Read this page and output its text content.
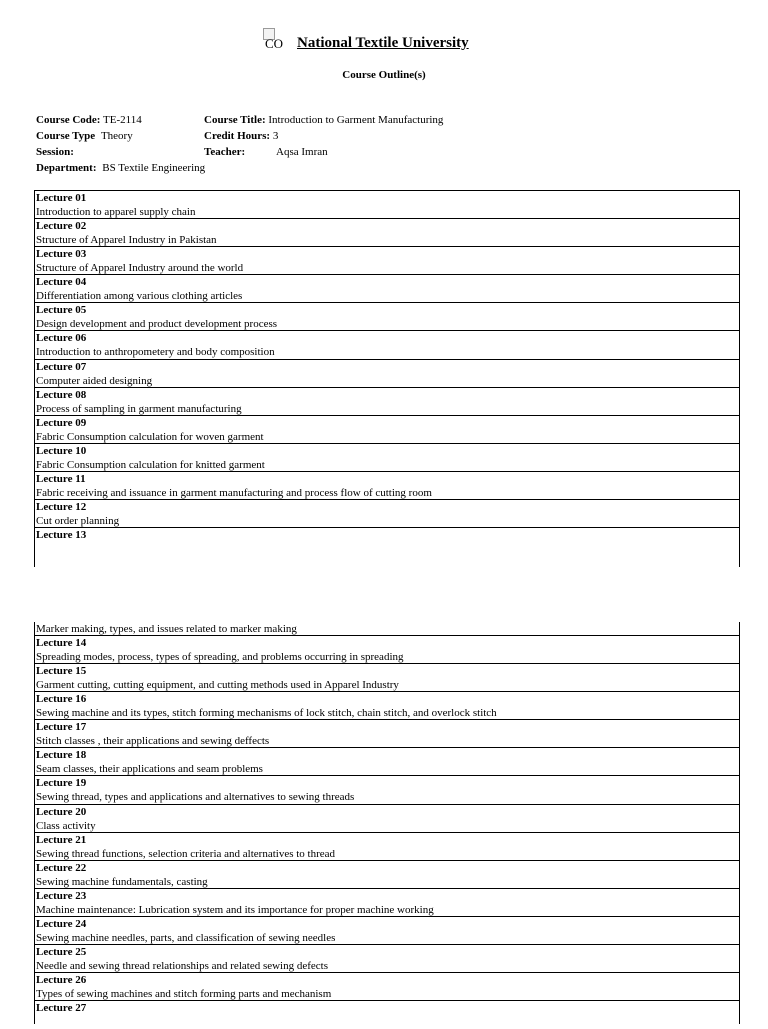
CO National Textile University
Course Outline(s)
Course Code: TE-2114	Course Title: Introduction to Garment Manufacturing
Course Type Theory	Credit Hours: 3
Session:	Teacher:	Aqsa Imran
Department: BS Textile Engineering
Lecture 01
Introduction to apparel supply chain
Lecture 02
Structure of Apparel Industry in Pakistan
Lecture 03
Structure of Apparel Industry around the world
Lecture 04
Differentiation among various clothing articles
Lecture 05
Design development and product development process
Lecture 06
Introduction to anthropometery and body composition
Lecture 07
Computer aided designing
Lecture 08
Process of sampling in garment manufacturing
Lecture 09
Fabric Consumption calculation for woven garment
Lecture 10
Fabric Consumption calculation for knitted garment
Lecture 11
Fabric receiving and issuance in garment manufacturing and process flow of cutting room
Lecture 12
Cut order planning
Lecture 13
Marker making, types, and issues related to marker making
Lecture 14
Spreading modes, process, types of spreading, and problems occurring in spreading
Lecture 15
Garment cutting, cutting equipment, and cutting methods used in Apparel Industry
Lecture 16
Sewing machine and its types, stitch forming mechanisms of lock stitch, chain stitch, and overlock stitch
Lecture 17
Stitch classes , their applications and sewing deffects
Lecture 18
Seam classes, their applications and seam problems
Lecture 19
Sewing thread, types and applications and alternatives to sewing threads
Lecture 20
Class activity
Lecture 21
Sewing thread functions, selection criteria and alternatives to thread
Lecture 22
Sewing machine fundamentals, casting
Lecture 23
Machine maintenance: Lubrication system and its importance for proper machine working
Lecture 24
Sewing machine needles, parts, and classification of sewing needles
Lecture 25
Needle and sewing thread relationships and related sewing defects
Lecture 26
Types of sewing machines and stitch forming parts and mechanism
Lecture 27
